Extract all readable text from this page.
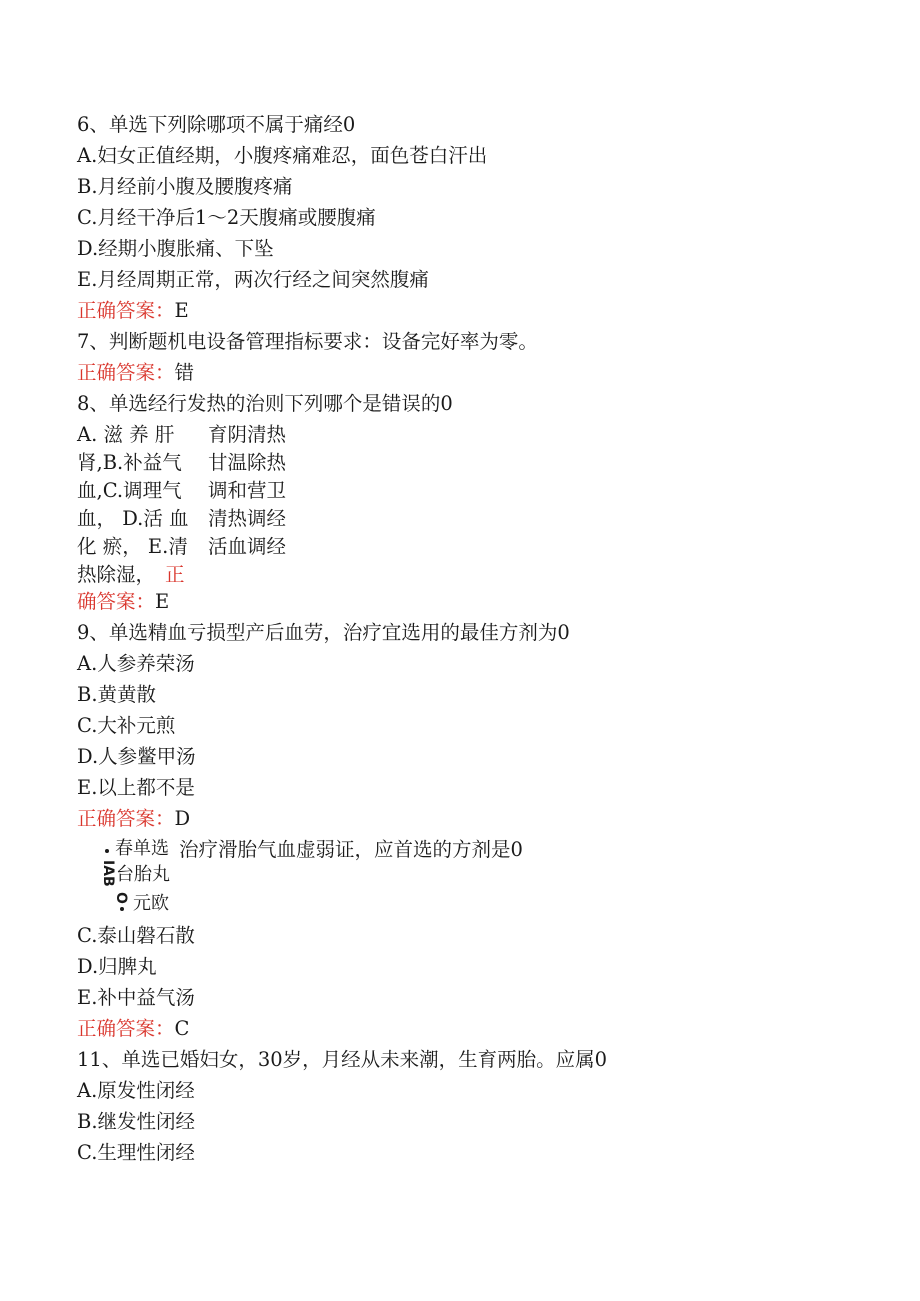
6、单选下列除哪项不属于痛经0
A.妇女正值经期，小腹疼痛难忍，面色苍白汗出
B.月经前小腹及腰腹疼痛
C.月经干净后1～2天腹痛或腰腹痛
D.经期小腹胀痛、下坠
E.月经周期正常，两次行经之间突然腹痛
正确答案：E
7、判断题机电设备管理指标要求：设备完好率为零。
正确答案：错
8、单选经行发热的治则下列哪个是错误的0
A. 滋 养 肝
肾,B.补益气
血,C.调理气
血， D.活 血
化 瘀， E.清
热除湿， 正
育阴清热
甘温除热
调和营卫
清热调经
活血调经
确答案：E
9、单选精血亏损型产后血劳，治疗宜选用的最佳方剂为0
A.人参养荣汤
B.黄黄散
C.大补元煎
D.人参鳖甲汤
E.以上都不是
正确答案：D
春单选 治疗滑胎气血虚弱证，应首选的方剂是0
IAB 台胎丸
O 元欧
C.泰山磐石散
D.归脾丸
E.补中益气汤
正确答案：C
11、单选已婚妇女，30岁，月经从未来潮，生育两胎。应属0
A.原发性闭经
B.继发性闭经
C.生理性闭经
